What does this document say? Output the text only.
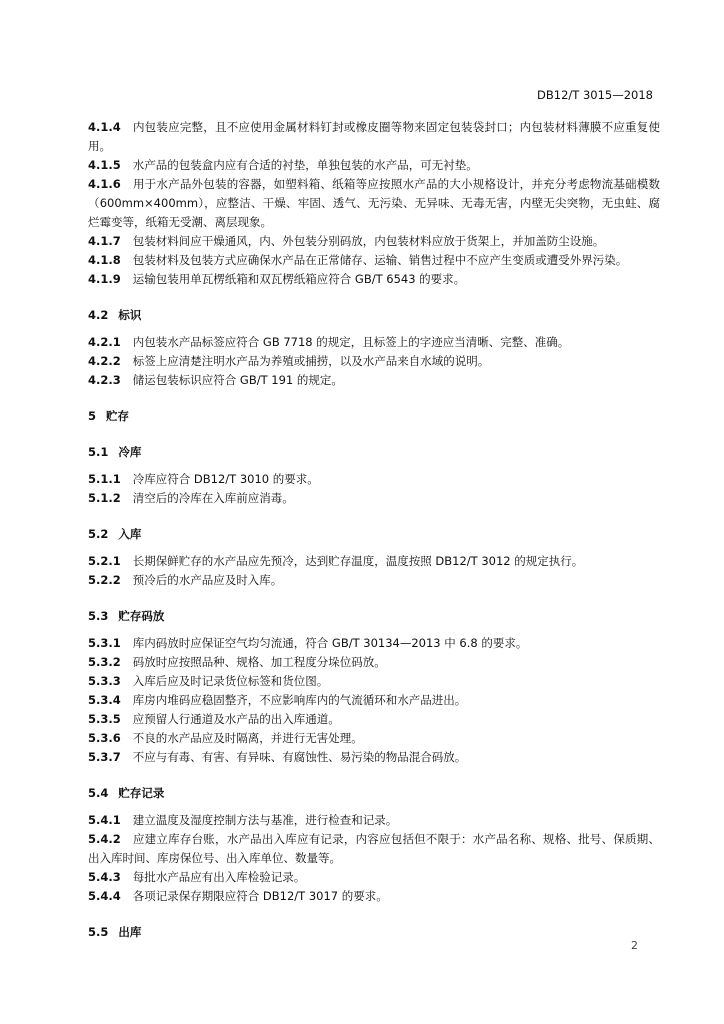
DB12/T 3015—2018

4.1.4 内包装应完整，且不应使用金属材料钉封或橡皮圈等物来固定包装袋封口；内包装材料薄膜不应重复使用。

4.1.5 水产品的包装盒内应有合适的衬垫，单独包装的水产品，可无衬垫。

4.1.6 用于水产品外包装的容器，如塑料箱、纸箱等应按照水产品的大小规格设计，并充分考虑物流基础模数（600mm×400mm），应整洁、干燥、牢固、透气、无污染、无异味、无毒无害，内壁无尖突物，无虫蛀、腐烂霉变等，纸箱无受潮、离层现象。

4.1.7 包装材料间应干燥通风，内、外包装分别码放，内包装材料应放于货架上，并加盖防尘设施。

4.1.8 包装材料及包装方式应确保水产品在正常储存、运输、销售过程中不应产生变质或遭受外界污染。

4.1.9 运输包装用单瓦楞纸箱和双瓦楞纸箱应符合 GB/T 6543 的要求。

4.2 标识

4.2.1 内包装水产品标签应符合 GB 7718 的规定，且标签上的字迹应当清晰、完整、准确。

4.2.2 标签上应清楚注明水产品为养殖或捕捞，以及水产品来自水域的说明。

4.2.3 储运包装标识应符合 GB/T 191 的规定。

5 贮存

5.1 冷库

5.1.1 冷库应符合 DB12/T 3010 的要求。

5.1.2 清空后的冷库在入库前应消毒。

5.2 入库

5.2.1 长期保鲜贮存的水产品应先预冷，达到贮存温度，温度按照 DB12/T 3012 的规定执行。

5.2.2 预冷后的水产品应及时入库。

5.3 贮存码放

5.3.1 库内码放时应保证空气均匀流通，符合 GB/T 30134—2013 中 6.8 的要求。

5.3.2 码放时应按照品种、规格、加工程度分垛位码放。

5.3.3 入库后应及时记录货位标签和货位图。

5.3.4 库房内堆码应稳固整齐，不应影响库内的气流循环和水产品进出。

5.3.5 应预留人行通道及水产品的出入库通道。

5.3.6 不良的水产品应及时隔离，并进行无害处理。

5.3.7 不应与有毒、有害、有异味、有腐蚀性、易污染的物品混合码放。

5.4 贮存记录

5.4.1 建立温度及湿度控制方法与基准，进行检查和记录。

5.4.2 应建立库存台账，水产品出入库应有记录，内容应包括但不限于：水产品名称、规格、批号、保质期、出入库时间、库房保位号、出入库单位、数量等。

5.4.3 每批水产品应有出入库检验记录。

5.4.4 各项记录保存期限应符合 DB12/T 3017 的要求。

5.5 出库

2
